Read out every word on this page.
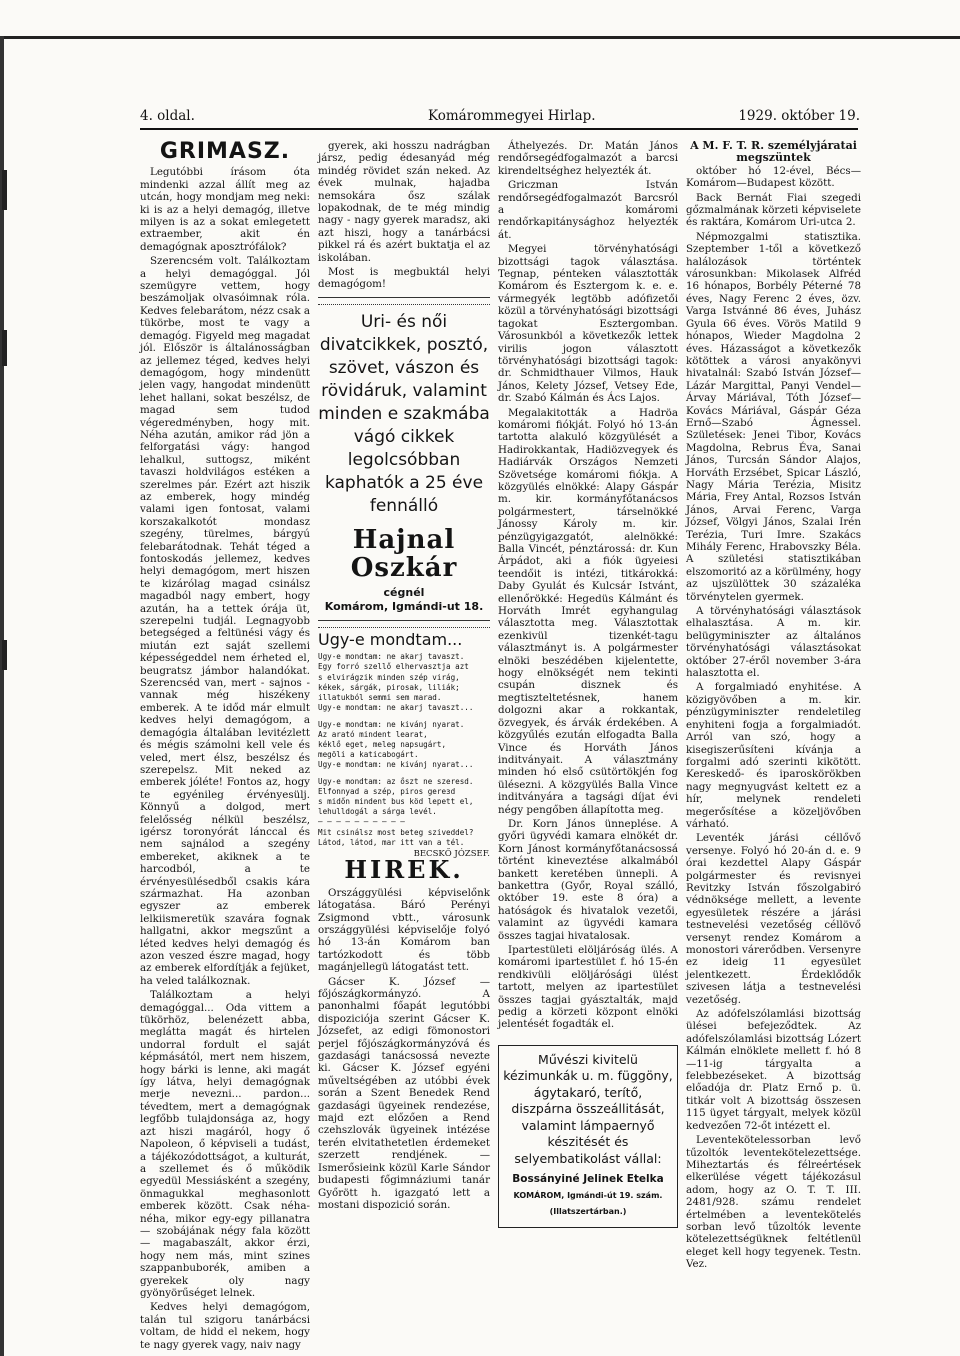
4. oldal.	Komárommegyei Hirlap.	1929. október 19.
GRIMASZ.

Legutóbbi írásom óta mindenki azzal állít meg az utcán, hogy mondjam meg neki: ki is az a helyi demagóg, illetve milyen is az a sokat emlegetett extraember, akit én demagógnak aposztrófálok?

Szerencsém volt. Találkoztam a helyi demagóggal. Jól szemügyre vettem, hogy beszámoljak olvasóimnak róla. Kedves felebarátom, nézz csak a tükörbe, most te vagy a demagóg. Figyeld meg magadat jól. Először is általánosságban az jellemez téged, kedves helyi demagógom, hogy mindenütt jelen vagy, hangodat mindenütt lehet hallani, sokat beszélsz, de magad sem tudod végeredményben, hogy mit. Néha azután, amikor rád jön a felforgatási vágy: hangod lehalkul, suttogsz, miként tavaszi holdvilágos estéken a szerelmes pár. Ezért azt hiszik az emberek, hogy mindég valami igen fontosat, valami korszakalkotót mondasz szegény, türelmes, bárgyú felebarátodnak. Tehát téged a fontoskodás jellemez, kedves helyi demagógom, mert hiszen te kizárólag magad csinálsz magadból nagy embert, hogy azután, ha a tettek órája üt, szerepelni tudjál. Legnagyobb betegséged a feltünési vágy és miután ezt saját szellemi képességeddel nem érheted el, beugratsz jámbor halandókat. Szerencséd van, mert - sajnos - vannak még hiszékeny emberek. A te időd már elmult kedves helyi demagógom, a demagógia általában levitézlett és mégis számolni kell vele és veled, mert élsz, beszélsz és szerepelsz. Mit neked az emberek jóléte! Fontos az, hogy te egyénileg érvényesülj. Könnyű a dolgod, mert felelősség nélkül beszélsz, igérsz toronyórát lánccal és nem sajnálod a szegény embereket, akiknek a te harcodból, a te érvényesülésedből csakis kára származhat. Ha azonban egyszer az emberek lelkiismeretük szavára fognak hallgatni, akkor megszűnt a léted kedves helyi demagóg és azon veszed észre magad, hogy az emberek elfordítják a fejüket, ha veled találkoznak.

Találkoztam a helyi demagóggal... Oda vittem a tükörhöz, belenézett abba, meglátta magát és hirtelen undorral fordult el saját képmásától, mert nem hiszem, hogy bárki is lenne, aki magát így látva, helyi demagógnak merje nevezni... pardon... tévedtem, mert a demagógnak legfőbb tulajdonsága az, hogy azt hiszi magáról, hogy ő Napoleon, ő képviseli a tudást, a tájékozódottságot, a kulturát, a szellemet és ő működik egyedül Messiásként a szegény, önmagukkal meghasonlott emberek között. Csak néha-néha, mikor egy-egy pillanatra — szobájának négy fala között — magabaszált, akkor érzi, hogy nem más, mint szines szappanbuborék, amiben a gyerekek oly nagy gyönyörűséget lelnek.

Kedves helyi demagógom, talán tul szigoru tanárbácsi voltam, de hidd el nekem, hogy te nagy gyerek vagy, naiv nagy

gyerek, aki hosszu nadrágban jársz, pedig édesanyád még mindég rövidet szán neked. Az évek mulnak, hajadba nemsokára ősz szálak lopakodnak, de te még mindig nagy - nagy gyerek maradsz, aki azt hiszi, hogy a tanárbácsi pikkel rá és azért buktatja el az iskolában.

Most is megbuktál helyi demagógom!

Uri- és női divatcikkek, posztó, szövet, vászon és rövidáruk, valamint minden e szakmába vágó cikkek legolcsóbban kaphatók a 25 éve fennálló
Hajnal Oszkár
cégnél
Komárom, Igmándi-ut 18.
Ugy-e mondtam...
Ugy-e mondtam: ne akarj tavaszt.
Egy forró szellő elhervasztja azt
s elvirágzik minden szép virág,
kékek, sárgák, pirosak, liliák;
illatukból semmi sem marad.
Ugy-e mondtam: ne akarj tavaszt...
Ugy-e mondtam: ne kivánj nyarat.
Az arató mindent learat,
kéklő eget, meleg napsugárt,
megöli a katicabogárt.
Ugy-e mondtam: ne kivánj nyarat...
Ugy-e mondtam: az őszt ne szeresd.
Elfonnyad a szép, piros gereзd
s midőn mindent bus köd lepett el,
lehulldogál a sárga levél.
— — — — — — — — — —
Mit csinálsz most beteg sziveddel?
Látod, látod, mar itt van a tél.
BECSKŐ JÓZSEF.
HIREK.

Országgyülési képviselőnk látogatása. Báró Perényi Zsigmond vbtt., városunk országgyülési képviselője folyó hó 13-án Komárom ban tartózkodott és több magánjellegü látogatást tett.

Gácser K. József — főjószágkormányzó. A panonhalmi főapát legutóbbi dispoziciója szerint Gácser K. Józsefet, az edigi fömonostori perjel főjószágkormányzóvá és gazdasági tanácsossá nevezte ki. Gácser K. József egyéni műveltségében az utóbbi évek során a Szent Benedek Rend gazdasági ügyeinek rendezése, majd ezt előzően a Rend czehszlovák ügyeinek intézése terén elvitathetetlen érdemeket szerzett rendjének. — Ismerősieink közül Karle Sándor budapesti főgimnáziumi tanár Győrött h. igazgató lett a mostani dispozició során.

Áthelyezés. Dr. Matán János rendőrsegédfogalmazót a barcsi kirendeltséghez helyezték át.

Griczman István rendőrsegédfogalmazót Barcsról a komáromi rendőrkapitánysághoz helyezték át.

Megyei törvényhatósági bizottsági tagok választása. Tegnap, pénteken választották Komárom és Esztergom k. e. e. vármegyék legtöbb adófizetői közül a törvényhatósági bizottsági tagokat Esztergomban. Városunkból a következők lettek virilis jogon választott törvényhatósági bizottsági tagok: dr. Schmidthauer Vilmos, Hauk János, Kelety József, Vetsey Ede, dr. Szabó Kálmán és Ács Lajos.

Megalakitották a Hadröa komáromi fiókját. Folyó hó 13-án tartotta alakuló közgyülését a Hadirokkantak, Hadiözvegyek és Hadiárvák Országos Nemzeti Szövetsége komáromi fiókja. A közgyülés elnökké: Alapy Gáspár m. kir. kormányfőtanácsos polgármestert, társelnökké Jánossy Károly m. kir. pénzügyigazgatót, alelnökké: Balla Vincét, pénztárossá: dr. Kun Árpádot, aki a fiók ügyeiesi teendőit is intézi, titkárokká: Daby Gyulát és Kulcsár Istvánt, ellenőrökké: Hegedüs Kálmánt és Horváth Imrét egyhangulag választotta meg. Választottak ezenkivül tizenkét-tagu választmányt is. A polgármester elnöki beszédében kijelentette, hogy elnökségét nem tekinti csupán disznek és megtiszteltetésnek, hanem dolgozni akar a rokkantak, özvegyek, és árvák érdekében. A közgyűlés ezután elfogadta Balla Vince és Horváth János inditványait. A választmány minden hó első csütörtökjén fog ülésezni. A közgyülés Balla Vince inditványára a tagsági díjat évi négy pengőben állapította meg.

Dr. Korn János ünneplése. A győri ügyvédi kamara elnökét dr. Korn Jánost kormányfőtanácsossá történt kineveztése alkalmából bankett keretében ünnepli. A bankettra (Győr, Royal szálló, október 19. este 8 óra) a hatóságok és hivatalok vezetői, valamint az ügyvédi kamara összes tagjai hivatalosak.

Ipartestületi elöljáróság ülés. A komáromi ipartestület f. hó 15-én rendkivüli elöljárósági ülést tartott, melyen az ipartestület összes tagjai gyásztalták, majd pedig a körzeti központ elnöki jelentését fogadták el.

Művészi kivitelü kézimunkák u. m. függöny, ágytakaró, terítő, diszpárna összeállitását, valamint lámpaernyő készitését és selyembatikolást vállal:
Bossányiné Jelinek Etelka
KOMÁROM, Igmándi-út 19. szám.
(Illatszertárban.)
A M. F. T. R. személyjáratai megszüntek

október hó 12-ével, Bécs—Komárom—Budapest között.

Back Bernát Fiai szegedi gőzmalmának körzeti képviselete és raktára, Komárom Uri-utca 2.

Népmozgalmi statisztika. Szeptember 1-től a következő halálozások történtek városunkban: Mikolasek Alfréd 16 hónapos, Borbély Péterné 78 éves, Nagy Ferenc 2 éves, özv. Varga Istvánné 86 éves, Juhász Gyula 66 éves. Vörös Matild 9 hónapos, Wieder Magdolna 2 éves. Házasságot a következők kötöttek a városi anyakönyvi hivatalnál: Szabó István József—Lázár Margittal, Panyi Vendel—Árvay Máriával, Tóth József—Kovács Máriával, Gáspár Géza Ernő—Szabó Ágnessel. Születések: Jenei Tibor, Kovács Magdolna, Rebrus Éva, Sanai János, Turcsán Sándor Alajos, Horváth Erzsébet, Spicar László, Nagy Mária Terézia, Misitz Mária, Frey Antal, Rozsos István János, Arvai Ferenc, Varga József, Völgyi János, Szalai Irén Terézia, Turi Imre. Szakács Mihály Ferenc, Hrabovszky Béla. A születési statisztikában elszomoritó az a körülmény, hogy az ujszülöttek 30 százaléka törvénytelen gyermek.

A törvényhatósági választások elhalasztása. A m. kir. belügyminiszter az általános törvényhatósági választásokat október 27-éről november 3-ára halasztotta el.

A forgalmiadó enyhitése. A közigyövőben a m. kir. pénzügyminiszter rendeletileg enyhiteni fogja a forgalmiadót. Arról van szó, hogy a kisegiszerűsíteni kívánja a forgalmi adó szerinti kikötött. Kereskedő- és iparoskörökben nagy megnyugvást keltett ez a hír, melynek rendeleti megerősítése a közeljövőben várható.

Leventék járási céllővő versenye. Folyó hó 20-án d. e. 9 órai kezdettel Alapy Gáspár polgármester és revisnyei Revitzky István főszolgabiró védnöksége mellett, a levente egyesületek részére a járási testnevelési vezetőség céllövő versenyt rendez Komárom a monostori várerődben. Versenyre ez ideig 11 egyesület jelentkezett. Érdeklődők szivesen látja a testnevelési vezetőség.

Az adófelszólamlási bizottság ülései befejeződtek. Az adófelszólamlási bizottság Lózert Kálmán elnöklete mellett f. hó 8—11-ig tárgyalta a felebbezéseket. A bizottság előadója dr. Platz Ernő p. ü. titkár volt A bizottság összesen 115 ügyet tárgyalt, melyek közül kedvezően 72-őt intézett el.

Leventekötelessorban levő tűzoltók leventekötelezettsége. Miheztartás és félreértések elkerülése végett tájékozásul adom, hogy az O. T. T. III. 2481/928. számu rendelet értelmében a leventekötelés sorban levő tűzoltók levente kötelezettségüknek feltétlenül eleget kell hogy tegyenek. Testn. Vez.
